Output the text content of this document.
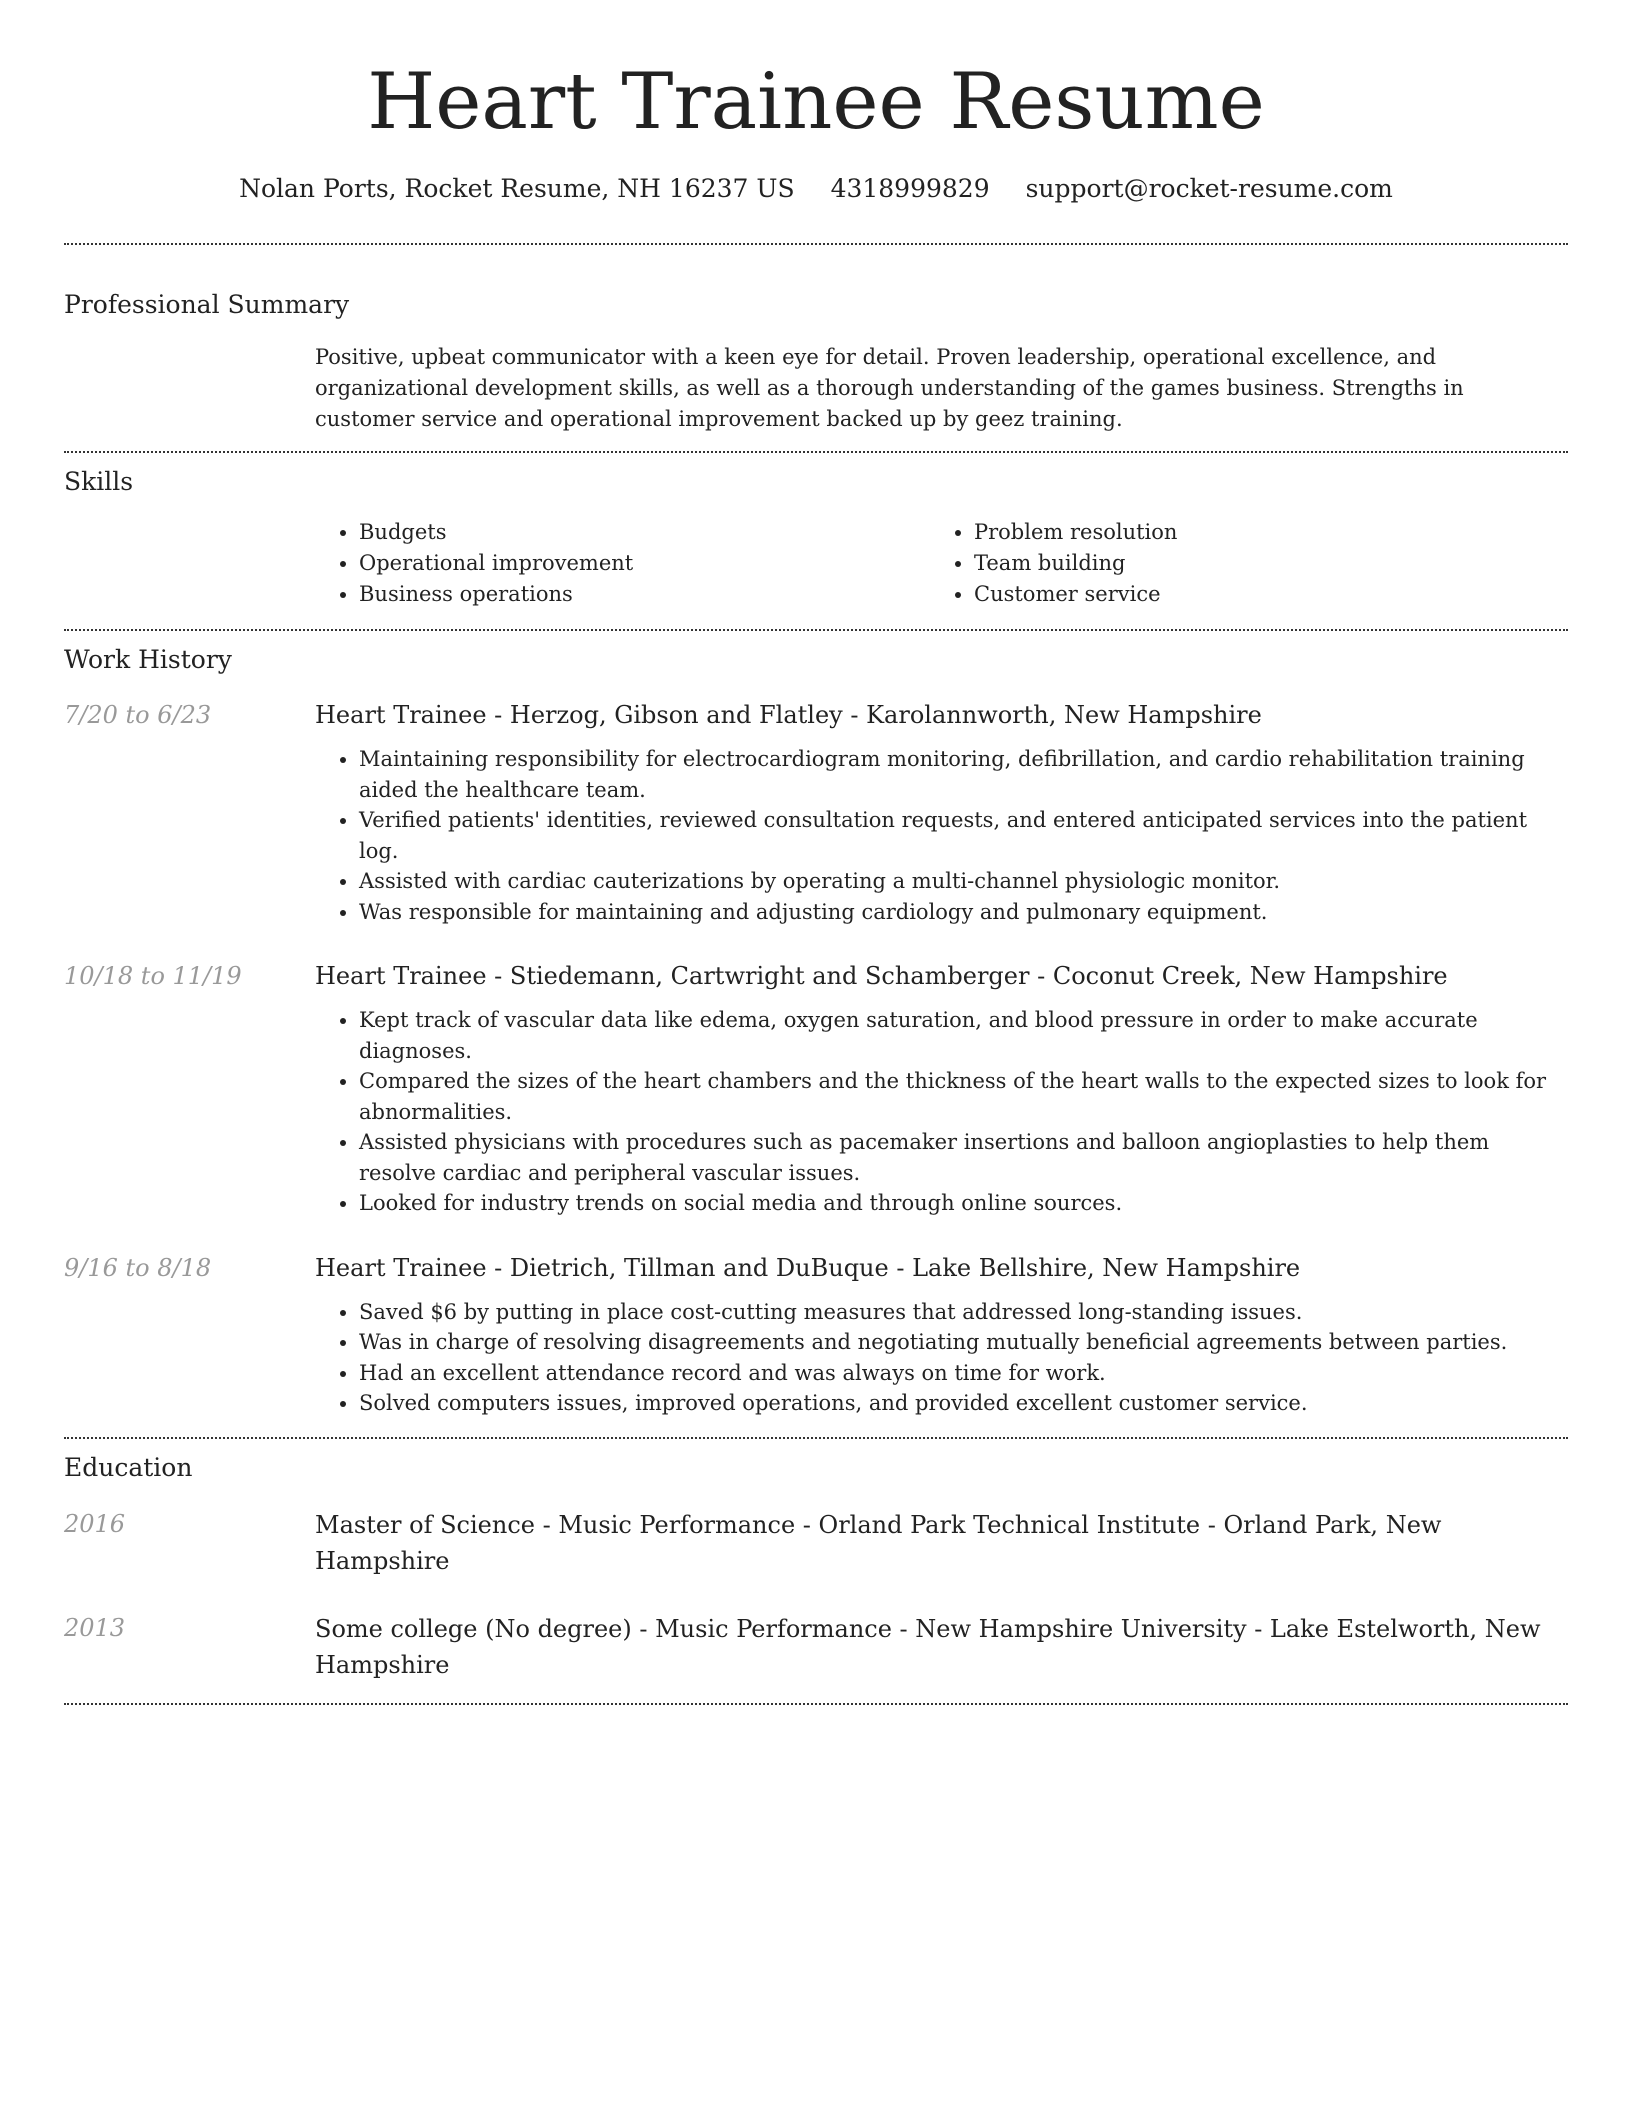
Heart Trainee Resume
Nolan Ports, Rocket Resume, NH 16237 US 4318999829 support@rocket-resume.com
Professional Summary

Positive, upbeat communicator with a keen eye for detail. Proven leadership, operational excellence, and organizational development skills, as well as a thorough understanding of the games business. Strengths in customer service and operational improvement backed up by geez training.

Skills
• Budgets
• Operational improvement
• Business operations
• Problem resolution
• Team building
• Customer service
Work History
7/20 to 6/23	Heart Trainee - Herzog, Gibson and Flatley - Karolannworth, New Hampshire
• Maintaining responsibility for electrocardiogram monitoring, defibrillation, and cardio rehabilitation training aided the healthcare team.
• Verified patients' identities, reviewed consultation requests, and entered anticipated services into the patient log.
• Assisted with cardiac cauterizations by operating a multi-channel physiologic monitor.
• Was responsible for maintaining and adjusting cardiology and pulmonary equipment.
10/18 to 11/19	Heart Trainee - Stiedemann, Cartwright and Schamberger - Coconut Creek, New Hampshire
• Kept track of vascular data like edema, oxygen saturation, and blood pressure in order to make accurate diagnoses.
• Compared the sizes of the heart chambers and the thickness of the heart walls to the expected sizes to look for abnormalities.
• Assisted physicians with procedures such as pacemaker insertions and balloon angioplasties to help them resolve cardiac and peripheral vascular issues.
• Looked for industry trends on social media and through online sources.
9/16 to 8/18	Heart Trainee - Dietrich, Tillman and DuBuque - Lake Bellshire, New Hampshire
• Saved $6 by putting in place cost-cutting measures that addressed long-standing issues.
• Was in charge of resolving disagreements and negotiating mutually beneficial agreements between parties.
• Had an excellent attendance record and was always on time for work.
• Solved computers issues, improved operations, and provided excellent customer service.
Education
2016	Master of Science - Music Performance - Orland Park Technical Institute - Orland Park, New Hampshire
2013	Some college (No degree) - Music Performance - New Hampshire University - Lake Estelworth, New Hampshire
